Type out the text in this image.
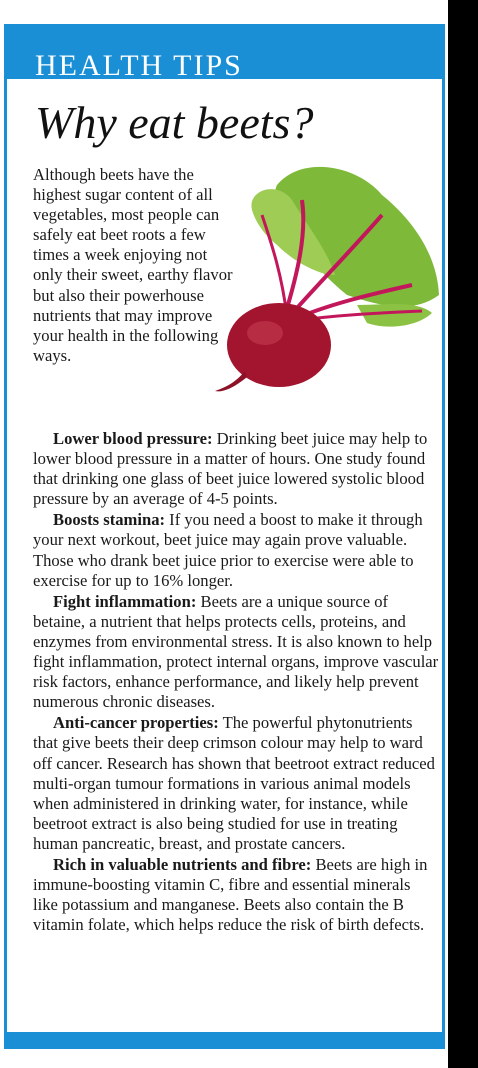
HEALTH TIPS
Why eat beets?

Although beets have the highest sugar content of all vegetables, most people can safely eat beet roots a few times a week enjoying not only their sweet, earthy flavor but also their powerhouse nutrients that may improve your health in the following ways.

Lower blood pressure: Drinking beet juice may help to lower blood pressure in a matter of hours. One study found that drinking one glass of beet juice lowered systolic blood pressure by an average of 4-5 points.

Boosts stamina: If you need a boost to make it through your next workout, beet juice may again prove valuable. Those who drank beet juice prior to exercise were able to exercise for up to 16% longer.

Fight inflammation: Beets are a unique source of betaine, a nutrient that helps protects cells, proteins, and enzymes from environmental stress. It is also known to help fight inflammation, protect internal organs, improve vascular risk factors, enhance performance, and likely help prevent numerous chronic diseases.

Anti-cancer properties: The powerful phytonutrients that give beets their deep crimson colour may help to ward off cancer. Research has shown that beetroot extract reduced multi-organ tumour formations in various animal models when administered in drinking water, for instance, while beetroot extract is also being studied for use in treating human pancreatic, breast, and prostate cancers.

Rich in valuable nutrients and fibre: Beets are high in immune-boosting vitamin C, fibre and essential minerals like potassium and manganese. Beets also contain the B vitamin folate, which helps reduce the risk of birth defects.
